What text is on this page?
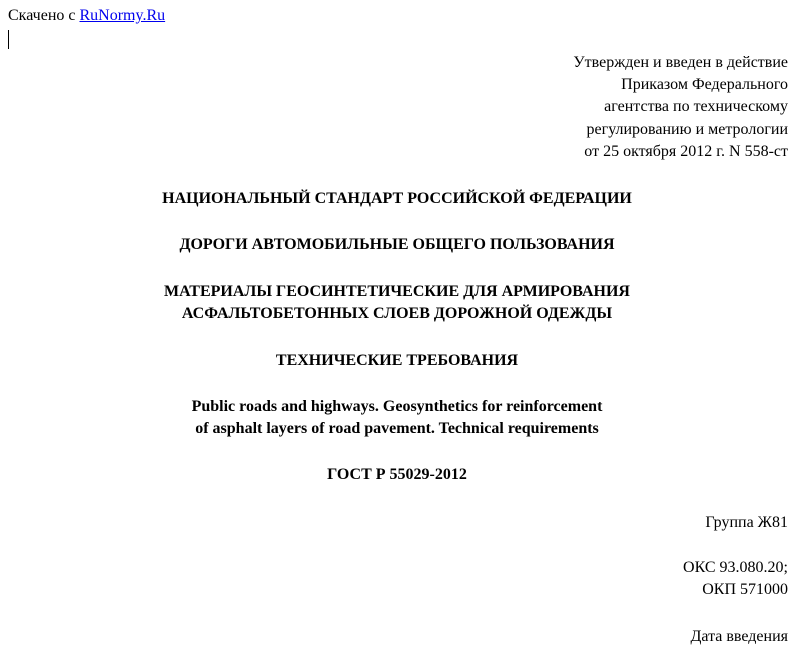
Скачено с RuNormy.Ru
Утвержден и введен в действие
Приказом Федерального
агентства по техническому
регулированию и метрологии
от 25 октября 2012 г. N 558-ст
НАЦИОНАЛЬНЫЙ СТАНДАРТ РОССИЙСКОЙ ФЕДЕРАЦИИ
ДОРОГИ АВТОМОБИЛЬНЫЕ ОБЩЕГО ПОЛЬЗОВАНИЯ
МАТЕРИАЛЫ ГЕОСИНТЕТИЧЕСКИЕ ДЛЯ АРМИРОВАНИЯ
АСФАЛЬТОБЕТОННЫХ СЛОЕВ ДОРОЖНОЙ ОДЕЖДЫ
ТЕХНИЧЕСКИЕ ТРЕБОВАНИЯ
Public roads and highways. Geosynthetics for reinforcement
of asphalt layers of road pavement. Technical requirements
ГОСТ Р 55029-2012
Группа Ж81
ОКС 93.080.20;
ОКП 571000
Дата введения
